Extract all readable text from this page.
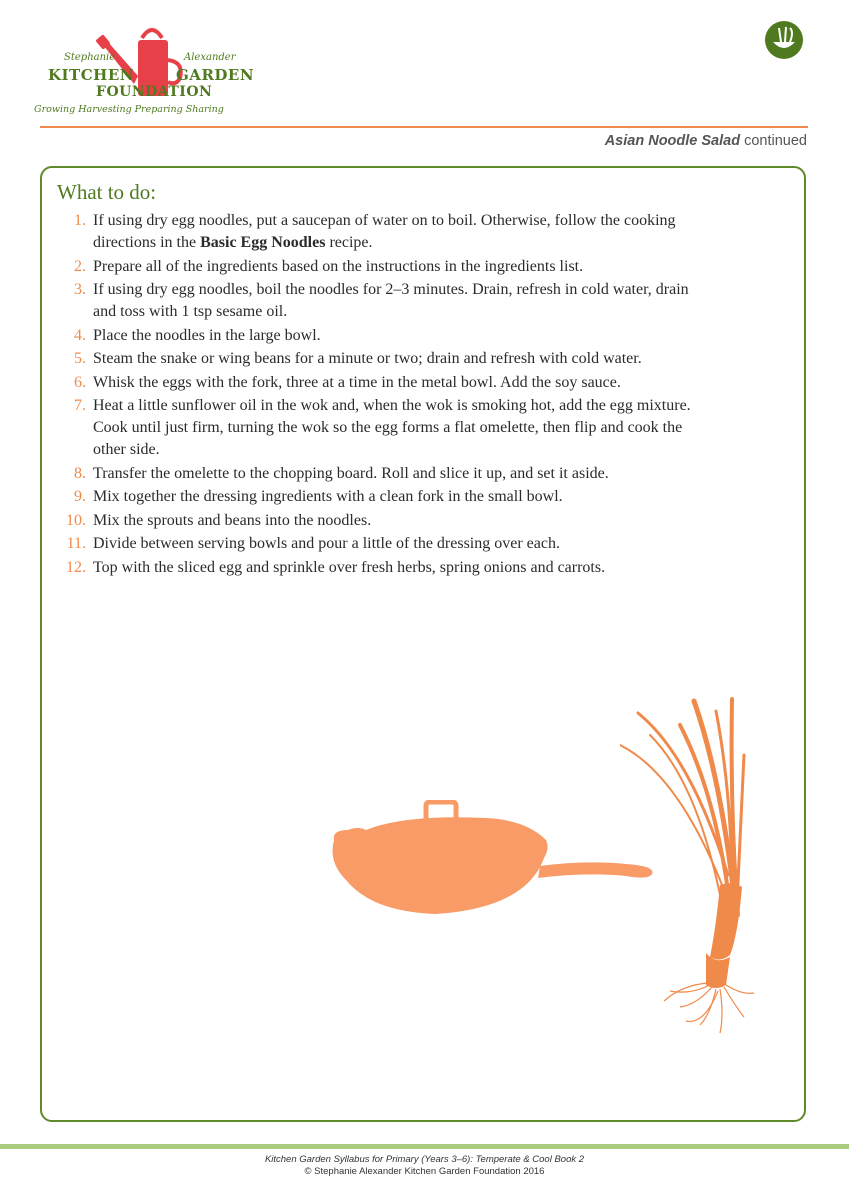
Stephanie	Alexander
KITCHEN	GARDEN
FOUNDATION
Growing Harvesting Preparing Sharing
Asian Noodle Salad continued
What to do:
1. If using dry egg noodles, put a saucepan of water on to boil. Otherwise, follow the cooking directions in the Basic Egg Noodles recipe.
2. Prepare all of the ingredients based on the instructions in the ingredients list.
3. If using dry egg noodles, boil the noodles for 2–3 minutes. Drain, refresh in cold water, drain and toss with 1 tsp sesame oil.
4. Place the noodles in the large bowl.
5. Steam the snake or wing beans for a minute or two; drain and refresh with cold water.
6. Whisk the eggs with the fork, three at a time in the metal bowl. Add the soy sauce.
7. Heat a little sunflower oil in the wok and, when the wok is smoking hot, add the egg mixture. Cook until just firm, turning the wok so the egg forms a flat omelette, then flip and cook the other side.
8. Transfer the omelette to the chopping board. Roll and slice it up, and set it aside.
9. Mix together the dressing ingredients with a clean fork in the small bowl.
10. Mix the sprouts and beans into the noodles.
11. Divide between serving bowls and pour a little of the dressing over each.
12. Top with the sliced egg and sprinkle over fresh herbs, spring onions and carrots.
Kitchen Garden Syllabus for Primary (Years 3–6): Temperate & Cool Book 2
© Stephanie Alexander Kitchen Garden Foundation 2016
